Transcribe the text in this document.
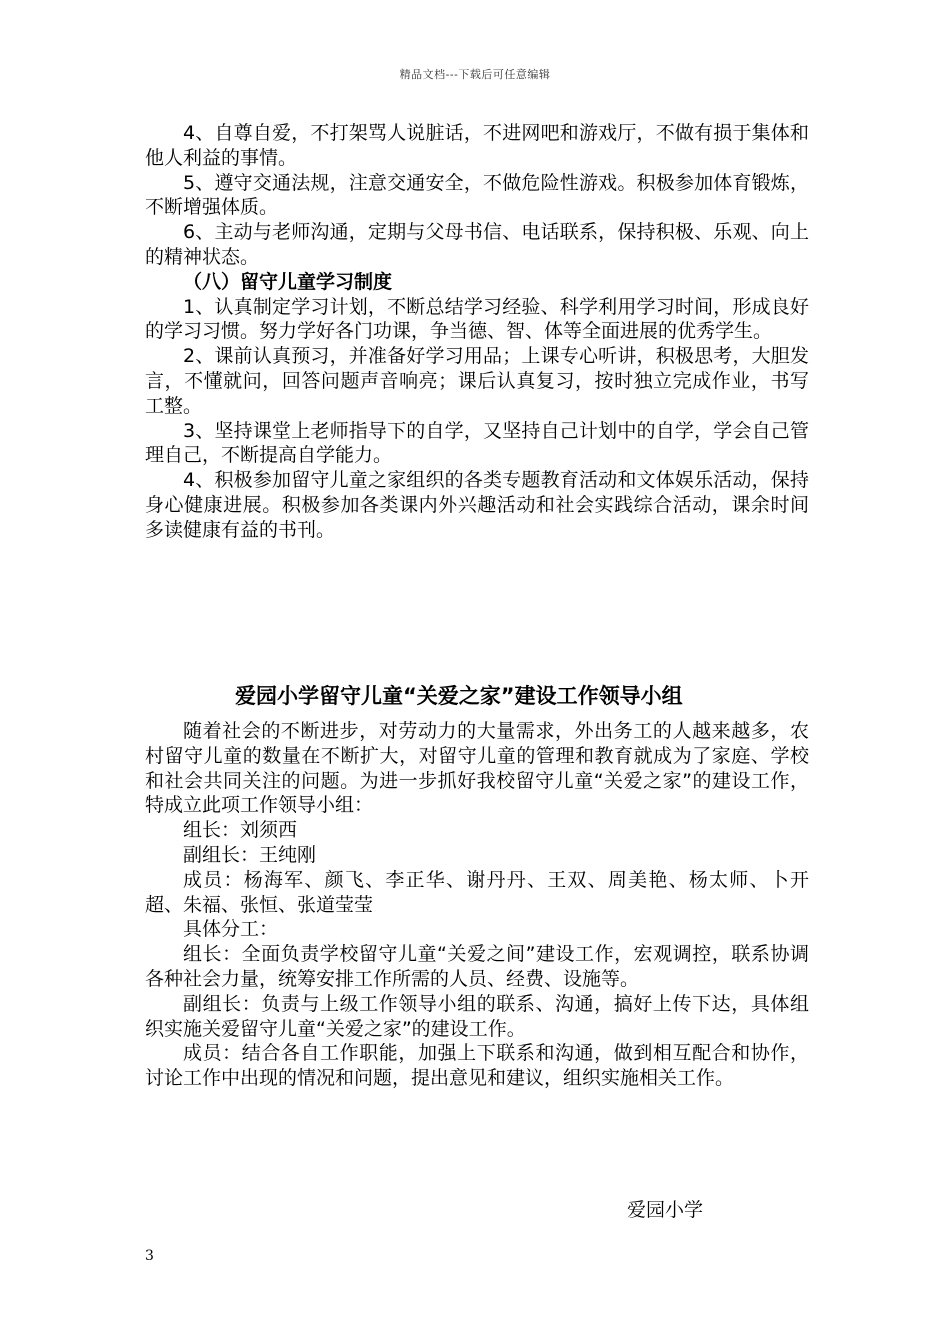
精品文档---下载后可任意编辑

4、自尊自爱，不打架骂人说脏话，不进网吧和游戏厅，不做有损于集体和他人利益的事情。

5、遵守交通法规，注意交通安全，不做危险性游戏。积极参加体育锻炼，不断增强体质。

6、主动与老师沟通，定期与父母书信、电话联系，保持积极、乐观、向上的精神状态。

（八）留守儿童学习制度

1、认真制定学习计划，不断总结学习经验、科学利用学习时间，形成良好的学习习惯。努力学好各门功课，争当德、智、体等全面进展的优秀学生。

2、课前认真预习，并准备好学习用品；上课专心听讲，积极思考，大胆发言，不懂就问，回答问题声音响亮；课后认真复习，按时独立完成作业，书写工整。

3、坚持课堂上老师指导下的自学，又坚持自己计划中的自学，学会自己管理自己，不断提高自学能力。

4、积极参加留守儿童之家组织的各类专题教育活动和文体娱乐活动，保持身心健康进展。积极参加各类课内外兴趣活动和社会实践综合活动，课余时间多读健康有益的书刊。

爱园小学留守儿童“关爱之家”建设工作领导小组

随着社会的不断进步，对劳动力的大量需求，外出务工的人越来越多，农村留守儿童的数量在不断扩大，对留守儿童的管理和教育就成为了家庭、学校和社会共同关注的问题。为进一步抓好我校留守儿童“关爱之家”的建设工作，特成立此项工作领导小组：

组长：刘须西

副组长：王纯刚

成员：杨海军、颜飞、李正华、谢丹丹、王双、周美艳、杨太师、卜开超、朱福、张恒、张道莹莹

具体分工：

组长：全面负责学校留守儿童“关爱之间”建设工作，宏观调控，联系协调各种社会力量，统筹安排工作所需的人员、经费、设施等。

副组长：负责与上级工作领导小组的联系、沟通，搞好上传下达，具体组织实施关爱留守儿童“关爱之家”的建设工作。

成员：结合各自工作职能，加强上下联系和沟通，做到相互配合和协作，讨论工作中出现的情况和问题，提出意见和建议，组织实施相关工作。

爱园小学
3
